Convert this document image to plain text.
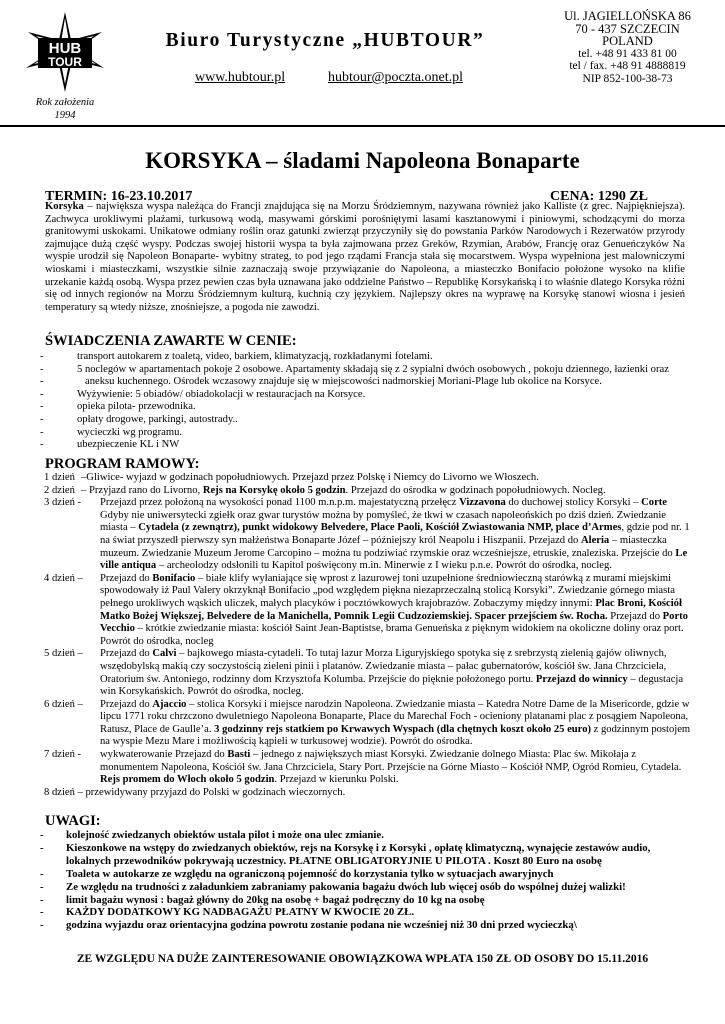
HUB
TOUR
Rok założenia
1994
Biuro Turystyczne „HUBTOUR”
www.hubtour.pl	hubtour@poczta.onet.pl
Ul. JAGIELLOŃSKA 86
70 - 437 SZCZECIN
POLAND
tel. +48 91 433 81 00
tel / fax. +48 91 4888819
NIP 852-100-38-73
KORSYKA – śladami Napoleona Bonaparte
TERMIN: 16-23.10.2017	CENA: 1290 ZŁ
Korsyka – największa wyspa należąca do Francji znajdująca się na Morzu Śródziemnym, nazywana również jako Kalliste (z grec. Najpiękniejsza). Zachwyca urokliwymi plażami, turkusową wodą, masywami górskimi porośniętymi lasami kasztanowymi i piniowymi, schodzącymi do morza granitowymi uskokami. Unikatowe odmiany roślin oraz gatunki zwierząt przyczyniły się do powstania Parków Narodowych i Rezerwatów przyrody zajmujące dużą część wyspy. Podczas swojej historii wyspa ta była zajmowana przez Greków, Rzymian, Arabów, Francję oraz Genueńczyków Na wyspie urodził się Napoleon Bonaparte- wybitny strateg, to pod jego rządami Francja stała się mocarstwem. Wyspa wypełniona jest malowniczymi wioskami i miasteczkami, wszystkie silnie zaznaczają swoje przywiązanie do Napoleona, a miasteczko Bonifacio położone wysoko na klifie urzekanie każdą osobą. Wyspa przez pewien czas była uznawana jako oddzielne Państwo – Republikę Korsykańską i to właśnie dlatego Korsyka różni się od innych regionów na Morzu Śródziemnym kulturą, kuchnią czy językiem. Najlepszy okres na wyprawę na Korsykę stanowi wiosna i jesień temperatury są wtedy niższe, znośniejsze, a pogoda nie zawodzi.
ŚWIADCZENIA ZAWARTE W CENIE:
- transport autokarem z toaletą, video, barkiem, klimatyzacją, rozkładanymi fotelami.
- 5 noclegów w apartamentach pokoje 2 osobowe. Apartamenty składają się z 2 sypialni dwóch osobowych , pokoju dziennego, łazienki oraz
- aneksu kuchennego. Ośrodek wczasowy znajduje się w miejscowości nadmorskiej Moriani-Plage lub okolice na Korsyce.
- Wyżywienie: 5 obiadów/ obiadokolacji w restauracjach na Korsyce.
- opieka pilota- przewodnika.
- opłaty drogowe, parkingi, autostrady..
- wycieczki wg programu.
- ubezpieczenie KL i NW
PROGRAM RAMOWY:
1 dzień –Gliwice- wyjazd w godzinach popołudniowych. Przejazd przez Polskę i Niemcy do Livorno we Włoszech.
2 dzień – Przyjazd rano do Livorno, Rejs na Korsykę około 5 godzin. Przejazd do ośrodka w godzinach popołudniowych. Nocleg.
3 dzień - Przejazd przez położoną na wysokości ponad 1100 m.n.p.m. majestatyczną przełęcz Vizzavona do duchowej stolicy Korsyki – Corte Gdyby nie uniwersytecki zgiełk oraz gwar turystów można by pomyśleć, że tkwi w czasach napoleońskich po dziś dzień. Zwiedzanie miasta – Cytadela (z zewnątrz), punkt widokowy Belvedere, Place Paoli, Kościół Zwiastowania NMP, place d’Armes, gdzie pod nr. 1 na świat przyszedł pierwszy syn małżeństwa Bonaparte Józef – późniejszy król Neapolu i Hiszpanii. Przejazd do Aleria – miasteczka muzeum. Zwiedzanie Muzeum Jerome Carcopino – można tu podziwiać rzymskie oraz wcześniejsze, etruskie, znaleziska. Przejście do Le ville antiqua – archeolodzy odsłonili tu Kapitol poświęcony m.in. Minerwie z I wieku p.n.e. Powrót do ośrodka, nocleg.
4 dzień – Przejazd do Bonifacio – białe klify wyłaniające się wprost z lazurowej toni uzupełnione średniowieczną starówką z murami miejskimi spowodowały iż Paul Valery okrzyknął Bonifacio „pod względem piękna niezaprzeczalną stolicą Korsyki”. Zwiedzanie górnego miasta pełnego urokliwych wąskich uliczek, małych placyków i pocztówkowych krajobrazów. Zobaczymy między innymi: Plac Broni, Kościół Matko Bożej Większej, Belvedere de la Manichella, Pomnik Legii Cudzoziemskiej. Spacer przejściem św. Rocha. Przejazd do Porto Vecchio – krótkie zwiedzanie miasta: kościół Saint Jean-Baptistse, brama Genueńska z pięknym widokiem na okoliczne doliny oraz port. Powrót do ośrodka, nocleg
5 dzień – Przejazd do Calvi – bajkowego miasta-cytadeli. To tutaj lazur Morza Liguryjskiego spotyka się z srebrzystą zielenią gajów oliwnych, wszędobylską makią czy soczystością zieleni pinii i platanów. Zwiedzanie miasta – pałac gubernatorów, kościół św. Jana Chrzciciela, Oratorium św. Antoniego, rodzinny dom Krzysztofa Kolumba. Przejście do pięknie położonego portu. Przejazd do winnicy – degustacja win Korsykańskich. Powrót do ośrodka, nocleg.
6 dzień – Przejazd do Ajaccio – stolica Korsyki i miejsce narodzin Napoleona. Zwiedzanie miasta – Katedra Notre Dame de la Misericorde, gdzie w lipcu 1771 roku chrzczono dwuletniego Napoleona Bonaparte, Place du Marechal Foch - ocieniony platanami plac z posągiem Napoleona, Ratusz, Place de Gaulle’a. 3 godzinny rejs statkiem po Krwawych Wyspach (dla chętnych koszt około 25 euro) z godzinnym postojem na wyspie Mezu Mare i możliwością kąpieli w turkusowej wodzie). Powrót do ośrodka.
7 dzień - wykwaterowanie Przejazd do Basti – jednego z największych miast Korsyki. Zwiedzanie dolnego Miasta: Plac św. Mikołaja z monumentem Napoleona, Kościół św. Jana Chrzciciela, Stary Port. Przejście na Górne Miasto – Kościół NMP, Ogród Romieu, Cytadela. Rejs promem do Włoch około 5 godzin. Przejazd w kierunku Polski.
8 dzień – przewidywany przyjazd do Polski w godzinach wieczornych.
UWAGI:
- kolejność zwiedzanych obiektów ustala pilot i może ona ulec zmianie.
- Kieszonkowe na wstępy do zwiedzanych obiektów, rejs na Korsykę i z Korsyki , opłatę klimatyczną, wynajęcie zestawów audio, lokalnych przewodników pokrywają uczestnicy. PŁATNE OBLIGATORYJNIE U PILOTA . Koszt 80 Euro na osobę
- Toaleta w autokarze ze względu na ograniczoną pojemność do korzystania tylko w sytuacjach awaryjnych
- Ze względu na trudności z załadunkiem zabraniamy pakowania bagażu dwóch lub więcej osób do wspólnej dużej walizki!
- limit bagażu wynosi : bagaż główny do 20kg na osobę + bagaż podręczny do 10 kg na osobę
- KAŻDY DODATKOWY KG NADBAGAŻU PŁATNY W KWOCIE 20 ZŁ.
- godzina wyjazdu oraz orientacyjna godzina powrotu zostanie podana nie wcześniej niż 30 dni przed wycieczką\
ZE WZGLĘDU NA DUŻE ZAINTERESOWANIE OBOWIĄZKOWA WPŁATA 150 ZŁ OD OSOBY DO 15.11.2016
